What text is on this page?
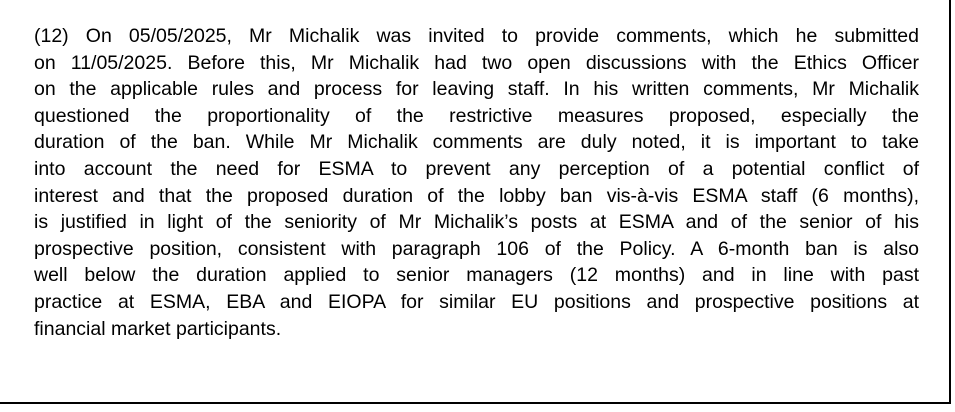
(12) On 05/05/2025, Mr Michalik was invited to provide comments, which he submitted
on 11/05/2025. Before this, Mr Michalik had two open discussions with the Ethics Officer
on the applicable rules and process for leaving staff. In his written comments, Mr Michalik
questioned the proportionality of the restrictive measures proposed, especially the
duration of the ban. While Mr Michalik comments are duly noted, it is important to take
into account the need for ESMA to prevent any perception of a potential conflict of
interest and that the proposed duration of the lobby ban vis-à-vis ESMA staff (6 months),
is justified in light of the seniority of Mr Michalik’s posts at ESMA and of the senior of his
prospective position, consistent with paragraph 106 of the Policy. A 6-month ban is also
well below the duration applied to senior managers (12 months) and in line with past
practice at ESMA, EBA and EIOPA for similar EU positions and prospective positions at
financial market participants.
